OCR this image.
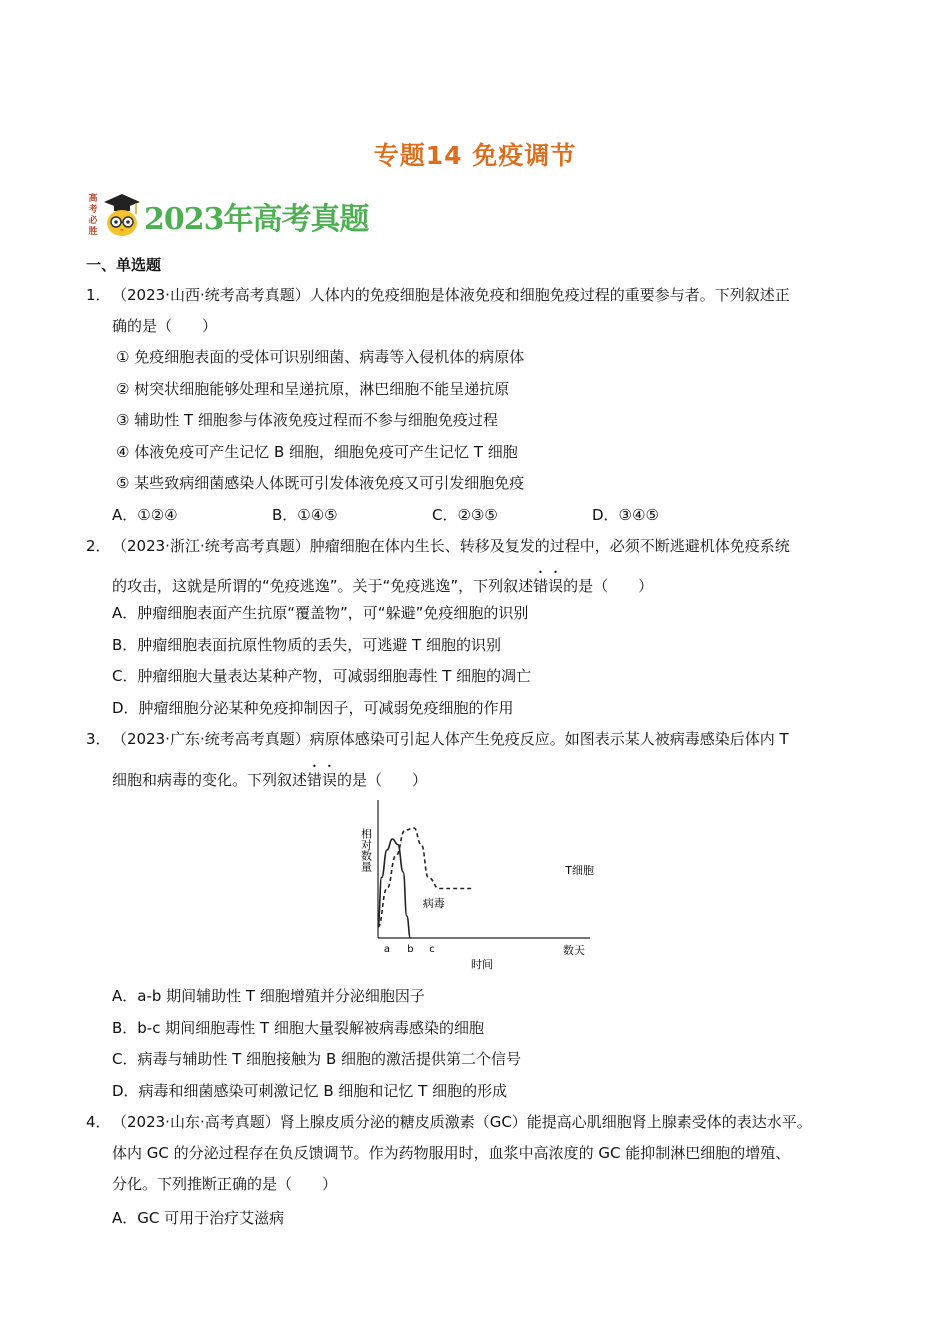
专题14 免疫调节
高考必胜 2023年高考真题
一、单选题
1． （2023·山西·统考高考真题）人体内的免疫细胞是体液免疫和细胞免疫过程的重要参与者。下列叙述正
确的是（　　）
① 免疫细胞表面的受体可识别细菌、病毒等入侵机体的病原体
② 树突状细胞能够处理和呈递抗原，淋巴细胞不能呈递抗原
③ 辅助性 T 细胞参与体液免疫过程而不参与细胞免疫过程
④ 体液免疫可产生记忆 B 细胞，细胞免疫可产生记忆 T 细胞
⑤ 某些致病细菌感染人体既可引发体液免疫又可引发细胞免疫
A．①②④	B．①④⑤	C．②③⑤	D．③④⑤
2． （2023·浙江·统考高考真题）肿瘤细胞在体内生长、转移及复发的过程中，必须不断逃避机体免疫系统
的攻击，这就是所谓的“免疫逃逸”。关于“免疫逃逸”，下列叙述错误的是（　　）
A．肿瘤细胞表面产生抗原“覆盖物”，可“躲避”免疫细胞的识别
B．肿瘤细胞表面抗原性物质的丢失，可逃避 T 细胞的识别
C．肿瘤细胞大量表达某种产物，可减弱细胞毒性 T 细胞的凋亡
D．肿瘤细胞分泌某种免疫抑制因子，可减弱免疫细胞的作用
3． （2023·广东·统考高考真题）病原体感染可引起人体产生免疫反应。如图表示某人被病毒感染后体内 T
细胞和病毒的变化。下列叙述错误的是（　　）
相对数量
a b c	数天
时间
病毒
T细胞
A．a-b 期间辅助性 T 细胞增殖并分泌细胞因子
B．b-c 期间细胞毒性 T 细胞大量裂解被病毒感染的细胞
C．病毒与辅助性 T 细胞接触为 B 细胞的激活提供第二个信号
D．病毒和细菌感染可刺激记忆 B 细胞和记忆 T 细胞的形成
4． （2023·山东·高考真题）肾上腺皮质分泌的糖皮质激素（GC）能提高心肌细胞肾上腺素受体的表达水平。
体内 GC 的分泌过程存在负反馈调节。作为药物服用时，血浆中高浓度的 GC 能抑制淋巴细胞的增殖、
分化。下列推断正确的是（　　）
A．GC 可用于治疗艾滋病
